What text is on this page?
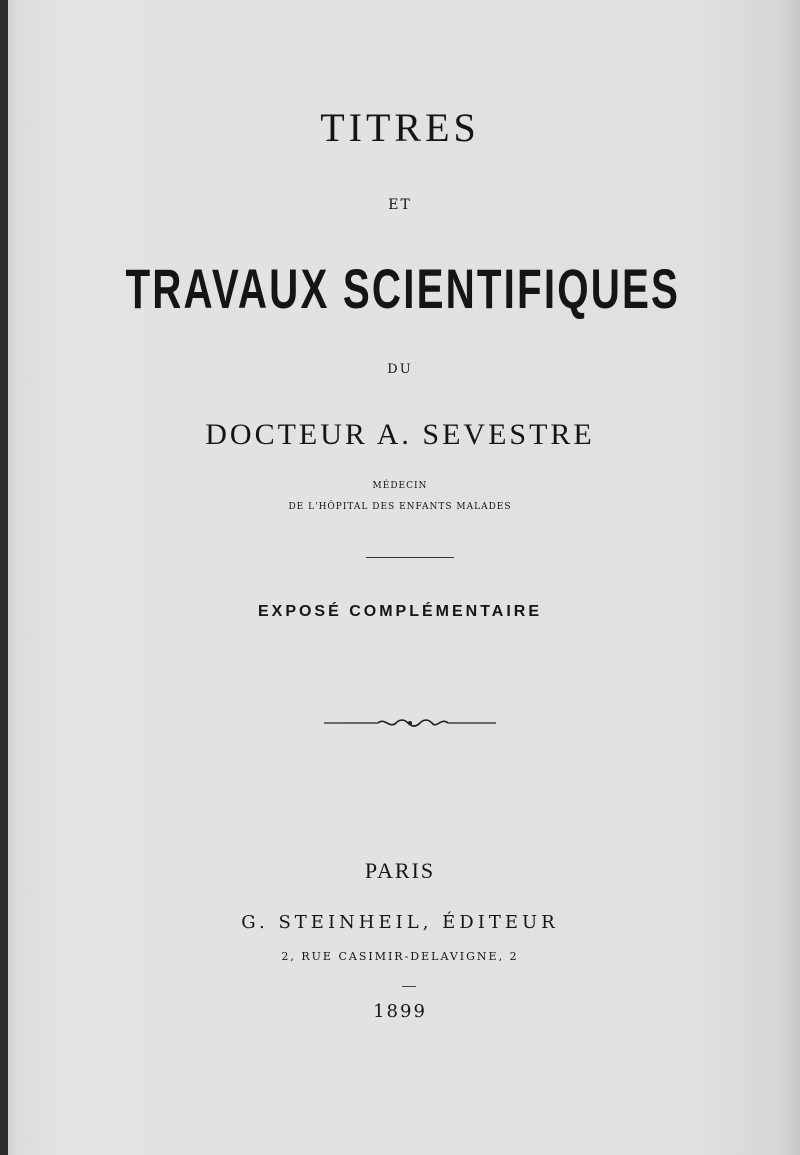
TITRES
ET
TRAVAUX SCIENTIFIQUES
DU
DOCTEUR A. SEVESTRE
MÉDECIN
DE L'HÔPITAL DES ENFANTS MALADES
EXPOSÉ COMPLÉMENTAIRE
PARIS
G. STEINHEIL, ÉDITEUR
2, RUE CASIMIR-DELAVIGNE, 2
1899
